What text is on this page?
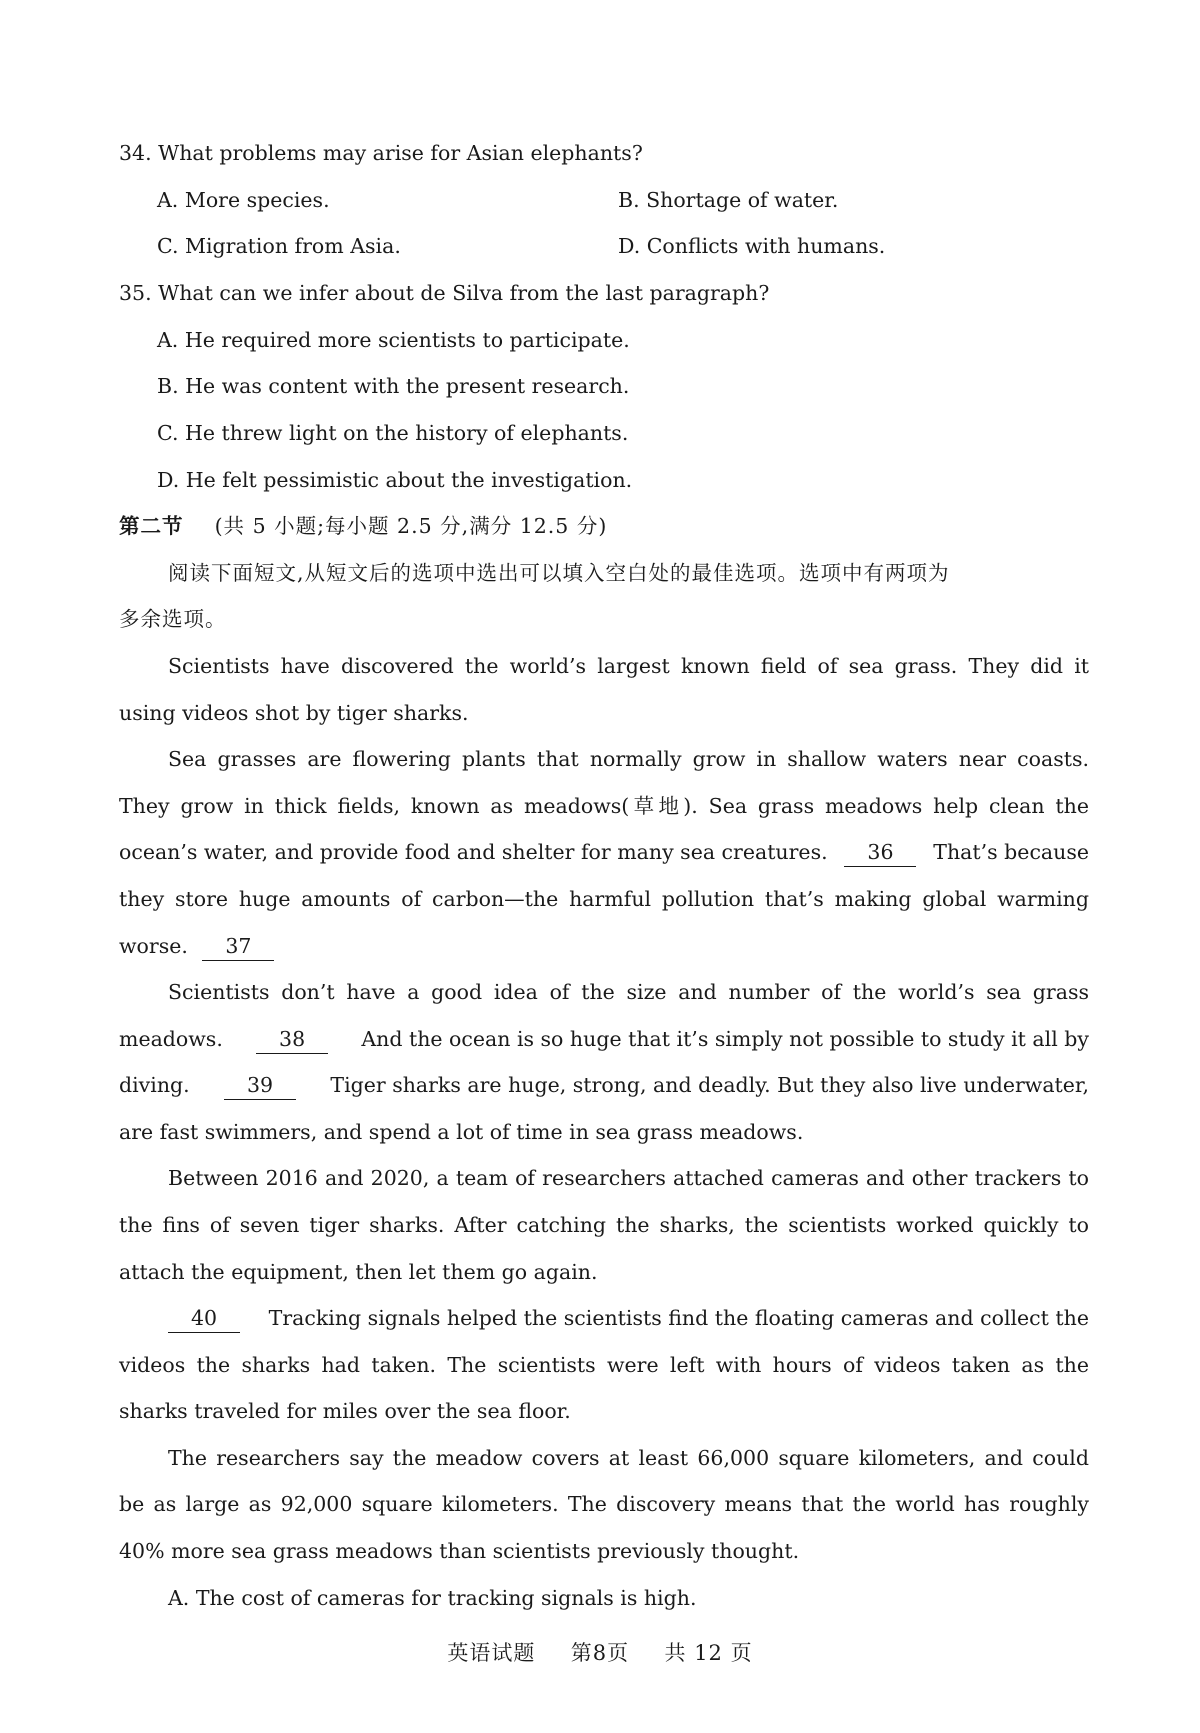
34. What problems may arise for Asian elephants?
A. More species.	B. Shortage of water.
C. Migration from Asia.	D. Conflicts with humans.
35. What can we infer about de Silva from the last paragraph?
A. He required more scientists to participate.
B. He was content with the present research.
C. He threw light on the history of elephants.
D. He felt pessimistic about the investigation.
第二节 (共 5 小题;每小题 2.5 分,满分 12.5 分)
阅读下面短文,从短文后的选项中选出可以填入空白处的最佳选项。选项中有两项为
多余选项。
Scientists have discovered the world’s largest known field of sea grass. They did it
using videos shot by tiger sharks.
Sea grasses are flowering plants that normally grow in shallow waters near coasts.
They grow in thick fields, known as meadows(草地). Sea grass meadows help clean the
ocean’s water, and provide food and shelter for many sea creatures.	36	That’s because
they store huge amounts of carbon—the harmful pollution that’s making global warming
worse. 37
Scientists don’t have a good idea of the size and number of the world’s sea grass
meadows.	38	And the ocean is so huge that it’s simply not possible to study it all by
diving.	39	Tiger sharks are huge, strong, and deadly. But they also live underwater,
are fast swimmers, and spend a lot of time in sea grass meadows.
Between 2016 and 2020, a team of researchers attached cameras and other trackers to
the fins of seven tiger sharks. After catching the sharks, the scientists worked quickly to
attach the equipment, then let them go again.
40	Tracking signals helped the scientists find the floating cameras and collect the
videos the sharks had taken. The scientists were left with hours of videos taken as the
sharks traveled for miles over the sea floor.
The researchers say the meadow covers at least 66,000 square kilometers, and could
be as large as 92,000 square kilometers. The discovery means that the world has roughly
40% more sea grass meadows than scientists previously thought.
A. The cost of cameras for tracking signals is high.
英语试题 第8页 共 12 页
